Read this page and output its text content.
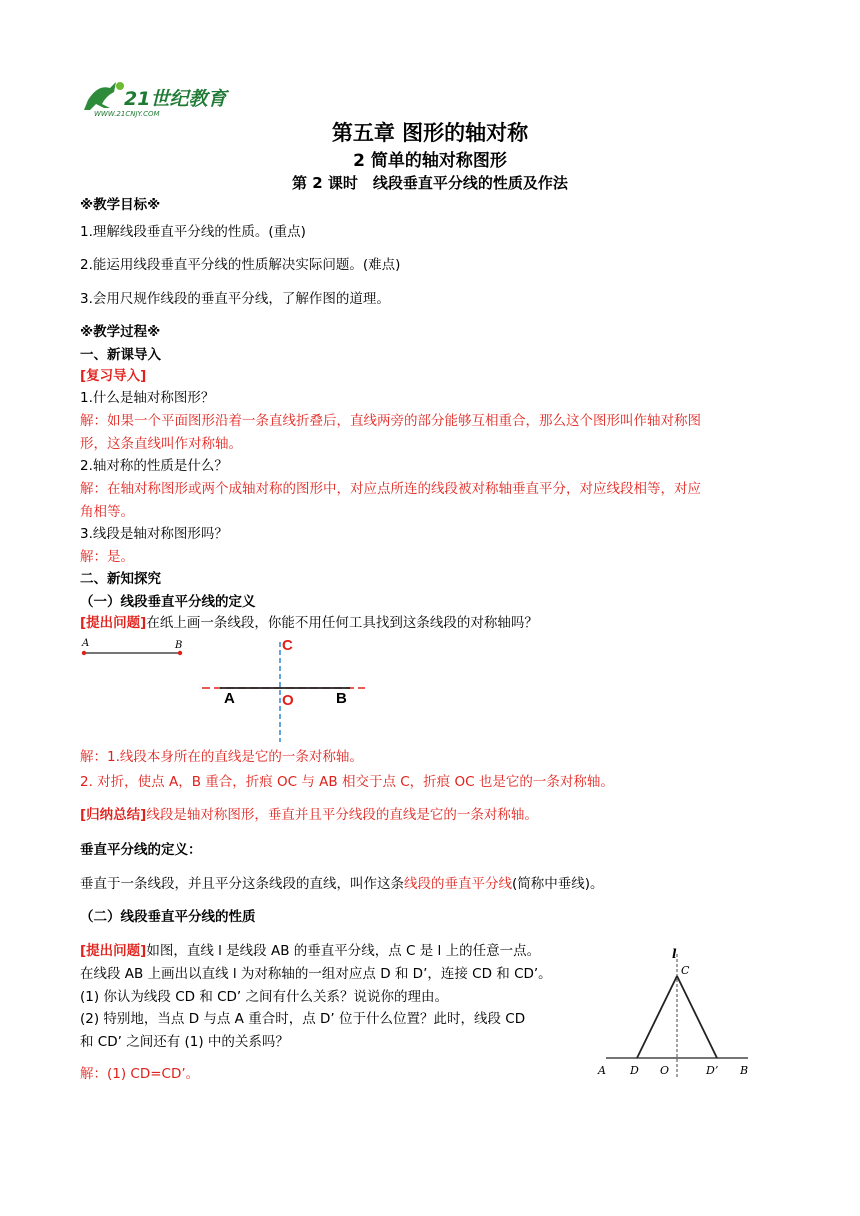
21世纪教育
WWW.21CNJY.COM
第五章 图形的轴对称
2 简单的轴对称图形
第 2 课时　线段垂直平分线的性质及作法
※教学目标※
1.理解线段垂直平分线的性质。(重点)
2.能运用线段垂直平分线的性质解决实际问题。(难点)
3.会用尺规作线段的垂直平分线，了解作图的道理。
※教学过程※
一、新课导入
[复习导入]
1.什么是轴对称图形？
解：如果一个平面图形沿着一条直线折叠后，直线两旁的部分能够互相重合，那么这个图形叫作轴对称图
形，这条直线叫作对称轴。
2.轴对称的性质是什么？
解：在轴对称图形或两个成轴对称的图形中，对应点所连的线段被对称轴垂直平分，对应线段相等，对应
角相等。
3.线段是轴对称图形吗？
解：是。
二、新知探究
（一）线段垂直平分线的定义
[提出问题]在纸上画一条线段，你能不用任何工具找到这条线段的对称轴吗？
A	B	C
A	O	B
解：1.线段本身所在的直线是它的一条对称轴。
2. 对折，使点 A，B 重合，折痕 OC 与 AB 相交于点 C，折痕 OC 也是它的一条对称轴。
[归纳总结]线段是轴对称图形，垂直并且平分线段的直线是它的一条对称轴。
垂直平分线的定义：
垂直于一条线段，并且平分这条线段的直线，叫作这条线段的垂直平分线(简称中垂线)。
（二）线段垂直平分线的性质
[提出问题]如图，直线 l 是线段 AB 的垂直平分线，点 C 是 l 上的任意一点。
在线段 AB 上画出以直线 l 为对称轴的一组对应点 D 和 D’，连接 CD 和 CD’。
(1) 你认为线段 CD 和 CD’ 之间有什么关系？说说你的理由。
(2) 特别地，当点 D 与点 A 重合时，点 D’ 位于什么位置？此时，线段 CD
和 CD’ 之间还有 (1) 中的关系吗？
解：(1) CD=CD’。
l
C
A D O	D’ B
